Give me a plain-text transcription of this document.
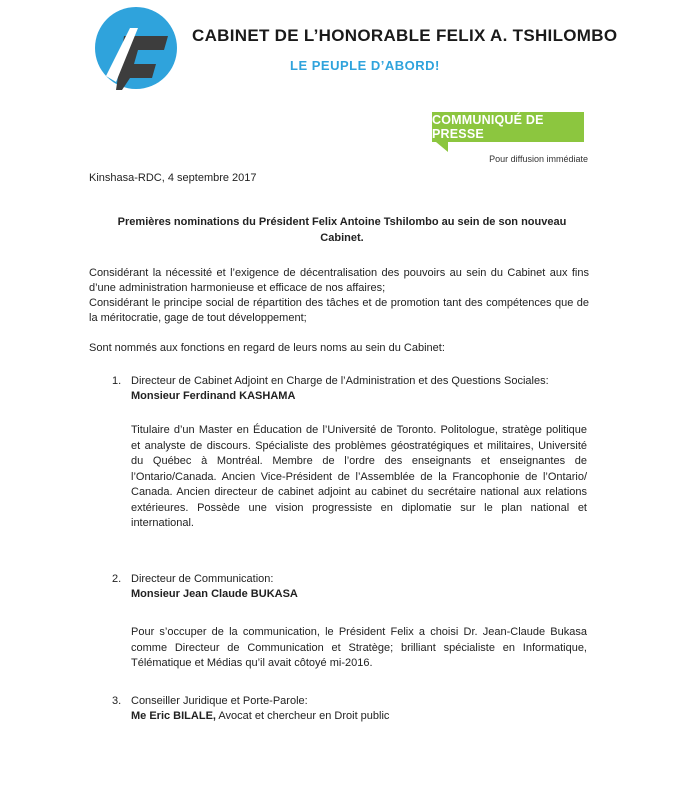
CABINET DE L’HONORABLE FELIX A. TSHILOMBO
LE PEUPLE D’ABORD!
COMMUNIQUÉ DE PRESSE
Pour diffusion immédiate
Kinshasa-RDC, 4 septembre 2017
Premières nominations du Président Felix Antoine Tshilombo au sein de son nouveau Cabinet.
Considérant la nécessité et l’exigence de décentralisation des pouvoirs au sein du Cabinet aux fins d’une administration harmonieuse et efficace de nos affaires;
Considérant le principe social de répartition des tâches et de promotion tant des compétences que de la méritocratie, gage de tout développement;
Sont nommés aux fonctions en regard de leurs noms au sein du Cabinet:
1. Directeur de Cabinet Adjoint en Charge de l’Administration et des Questions Sociales:
Monsieur Ferdinand KASHAMA
Titulaire d’un Master en Éducation de l’Université de Toronto. Politologue, stratège politique et analyste de discours. Spécialiste des problèmes géostratégiques et militaires, Université du Québec à Montréal. Membre de l’ordre des enseignants et enseignantes de l’Ontario/Canada. Ancien Vice-Président de l’Assemblée de la Francophonie de l’Ontario/ Canada. Ancien directeur de cabinet adjoint au cabinet du secrétaire national aux relations extérieures. Possède une vision progressiste en diplomatie sur le plan national et international.
2. Directeur de Communication:
Monsieur Jean Claude BUKASA
Pour s’occuper de la communication, le Président Felix a choisi Dr. Jean-Claude Bukasa comme Directeur de Communication et Stratège; brilliant spécialiste en Informatique, Télématique et Médias qu’il avait côtoyé mi-2016.
3. Conseiller Juridique et Porte-Parole:
Me Eric BILALE, Avocat et chercheur en Droit public
